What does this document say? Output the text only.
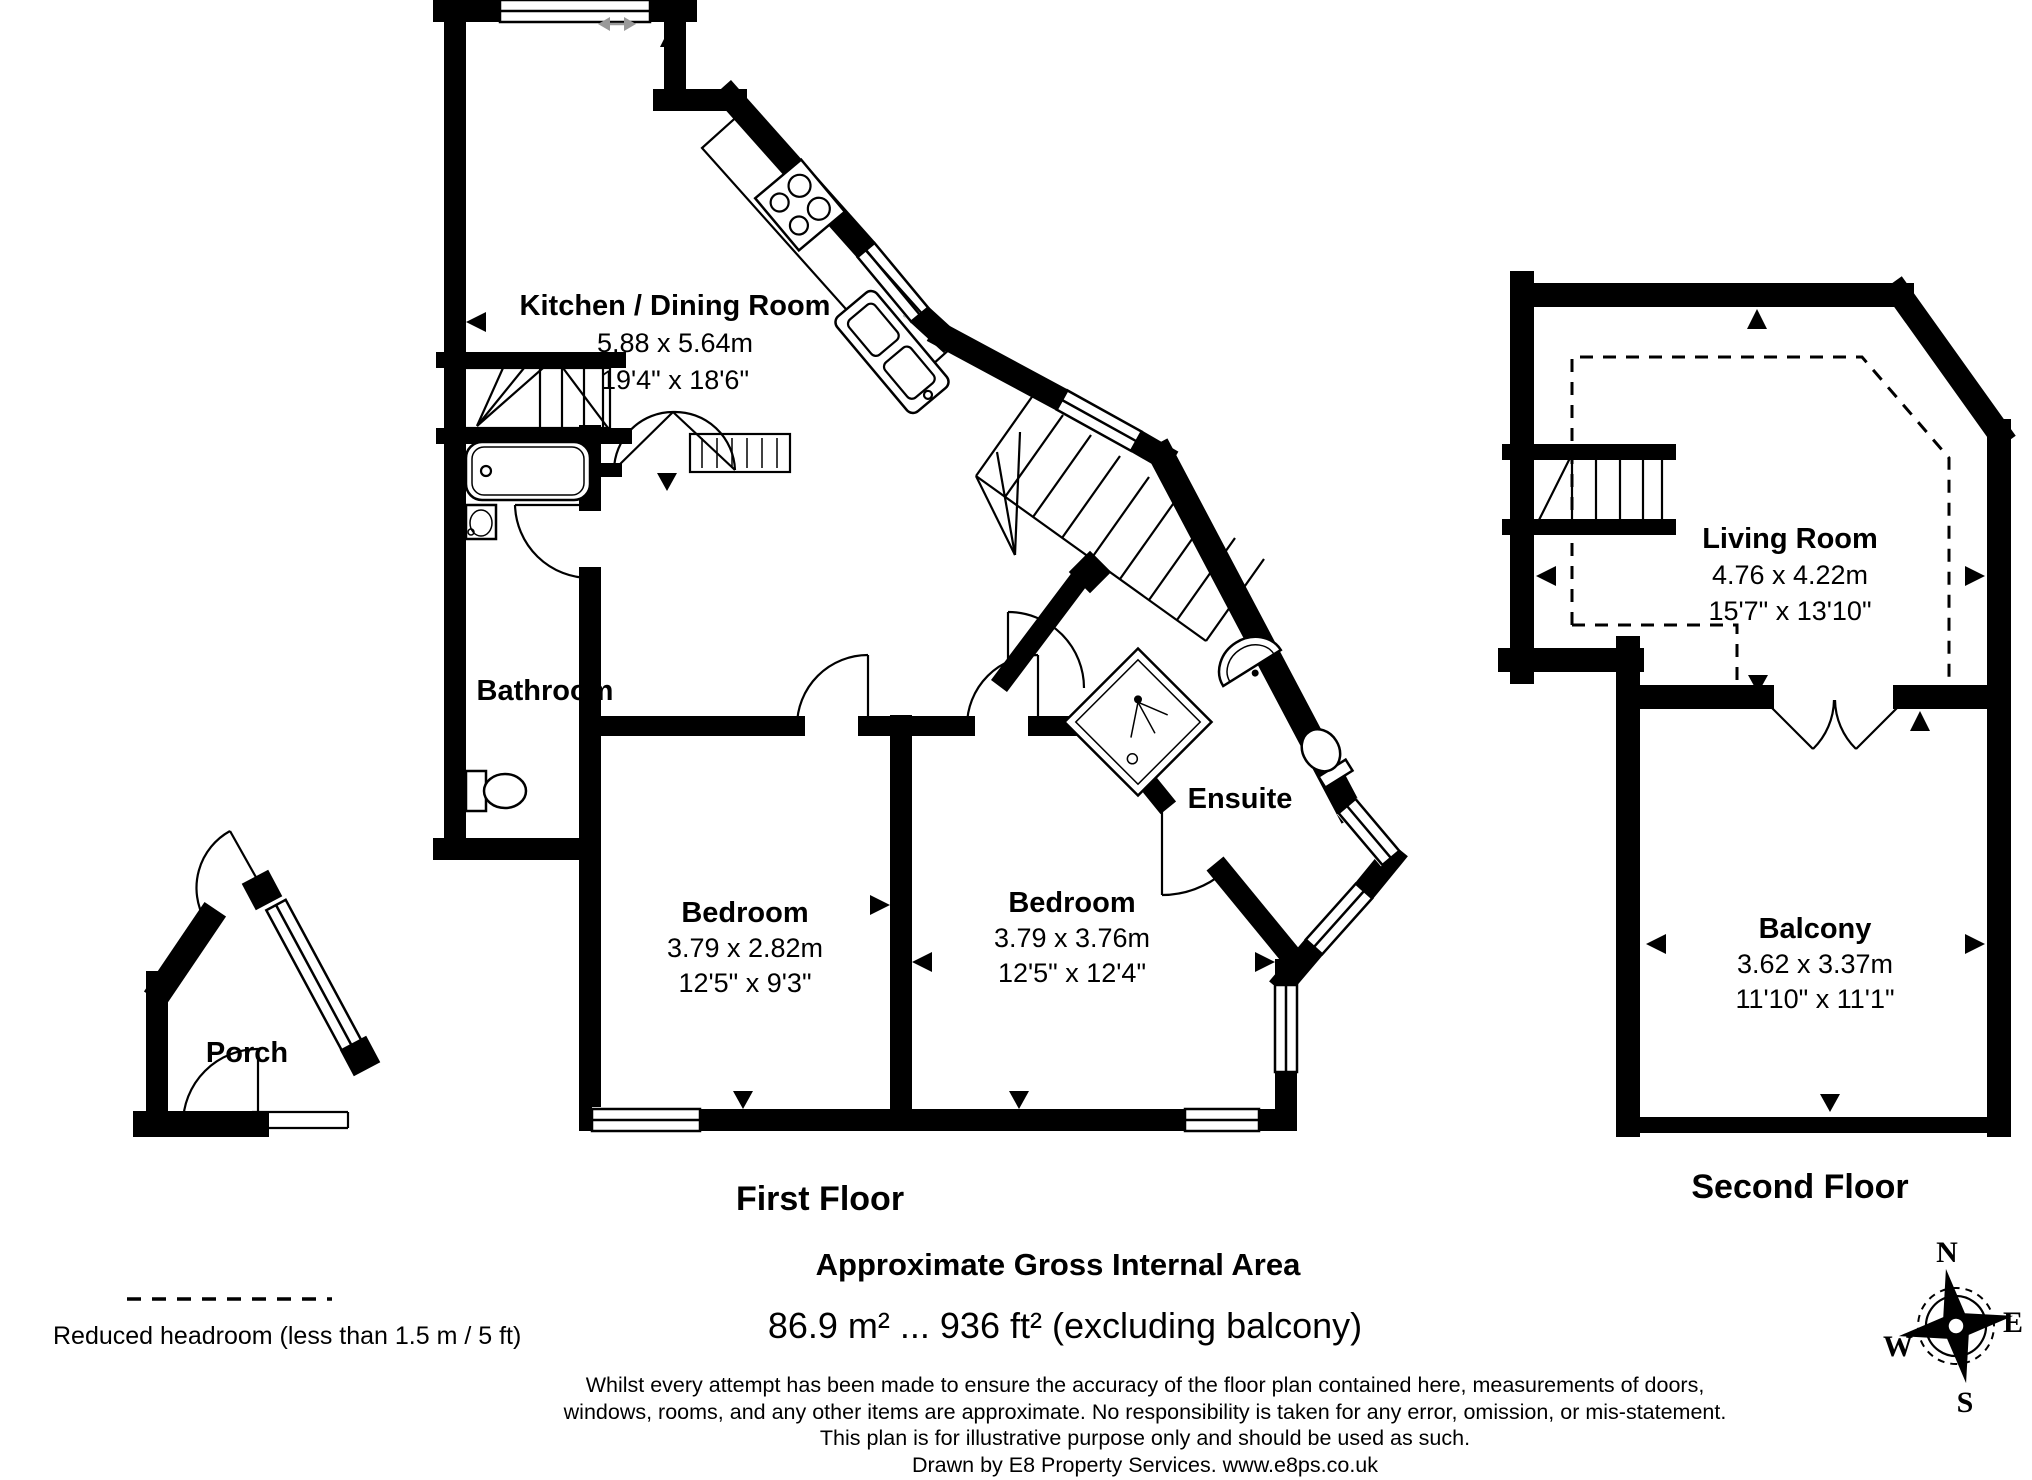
Kitchen / Dining Room
5.88 x 5.64m
19'4" x 18'6"
Bathroom
Bedroom
3.79 x 2.82m
12'5" x 9'3"
Bedroom
3.79 x 3.76m
12'5" x 12'4"
Ensuite
First Floor
Porch
Living Room
4.76 x 4.22m
15'7" x 13'10"
Balcony
3.62 x 3.37m
11'10" x 11'1"
Second Floor
Reduced headroom (less than 1.5 m / 5 ft)
Approximate Gross Internal Area
86.9 m² ... 936 ft² (excluding balcony)
Whilst every attempt has been made to ensure the accuracy of the floor plan contained here, measurements of doors,
windows, rooms, and any other items are approximate. No responsibility is taken for any error, omission, or mis-statement.
This plan is for illustrative purpose only and should be used as such.
Drawn by E8 Property Services. www.e8ps.co.uk
N
E
W
S
